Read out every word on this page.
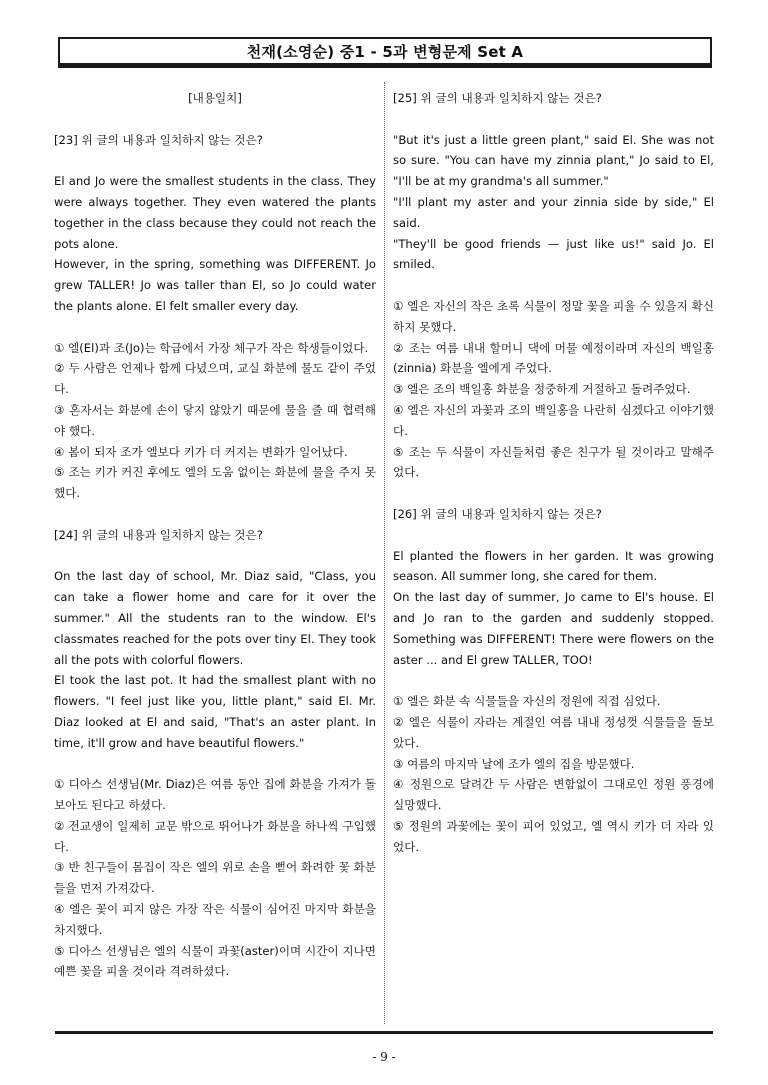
천재(소영순) 중1 - 5과 변형문제 Set A

[내용일치]

[23] 위 글의 내용과 일치하지 않는 것은?

El and Jo were the smallest students in the class. They were always together. They even watered the plants together in the class because they could not reach the pots alone.

However, in the spring, something was DIFFERENT. Jo grew TALLER! Jo was taller than El, so Jo could water the plants alone. El felt smaller every day.

① 엘(El)과 조(Jo)는 학급에서 가장 체구가 작은 학생들이었다.

② 두 사람은 언제나 함께 다녔으며, 교실 화분에 물도 같이 주었다.

③ 혼자서는 화분에 손이 닿지 않았기 때문에 물을 줄 때 협력해야 했다.

④ 봄이 되자 조가 엘보다 키가 더 커지는 변화가 일어났다.

⑤ 조는 키가 커진 후에도 엘의 도움 없이는 화분에 물을 주지 못했다.

[24] 위 글의 내용과 일치하지 않는 것은?

On the last day of school, Mr. Diaz said, "Class, you can take a flower home and care for it over the summer." All the students ran to the window. El's classmates reached for the pots over tiny El. They took all the pots with colorful flowers.

El took the last pot. It had the smallest plant with no flowers. "I feel just like you, little plant," said El. Mr. Diaz looked at El and said, "That's an aster plant. In time, it'll grow and have beautiful flowers."

① 디아스 선생님(Mr. Diaz)은 여름 동안 집에 화분을 가져가 돌보아도 된다고 하셨다.

② 전교생이 일제히 교문 밖으로 뛰어나가 화분을 하나씩 구입했다.

③ 반 친구들이 몸집이 작은 엘의 위로 손을 뻗어 화려한 꽃 화분들을 먼저 가져갔다.

④ 엘은 꽃이 피지 않은 가장 작은 식물이 심어진 마지막 화분을 차지했다.

⑤ 디아스 선생님은 엘의 식물이 과꽃(aster)이며 시간이 지나면 예쁜 꽃을 피울 것이라 격려하셨다.

[25] 위 글의 내용과 일치하지 않는 것은?

"But it's just a little green plant," said El. She was not so sure. "You can have my zinnia plant," Jo said to El, "I'll be at my grandma's all summer."

"I'll plant my aster and your zinnia side by side," El said.

"They'll be good friends — just like us!" said Jo. El smiled.

① 엘은 자신의 작은 초록 식물이 정말 꽃을 피울 수 있을지 확신하지 못했다.

② 조는 여름 내내 할머니 댁에 머물 예정이라며 자신의 백일홍(zinnia) 화분을 엘에게 주었다.

③ 엘은 조의 백일홍 화분을 정중하게 거절하고 돌려주었다.

④ 엘은 자신의 과꽃과 조의 백일홍을 나란히 심겠다고 이야기했다.

⑤ 조는 두 식물이 자신들처럼 좋은 친구가 될 것이라고 말해주었다.

[26] 위 글의 내용과 일치하지 않는 것은?

El planted the flowers in her garden. It was growing season. All summer long, she cared for them.

On the last day of summer, Jo came to El's house. El and Jo ran to the garden and suddenly stopped. Something was DIFFERENT! There were flowers on the aster ... and El grew TALLER, TOO!

① 엘은 화분 속 식물들을 자신의 정원에 직접 심었다.

② 엘은 식물이 자라는 계절인 여름 내내 정성껏 식물들을 돌보았다.

③ 여름의 마지막 날에 조가 엘의 집을 방문했다.

④ 정원으로 달려간 두 사람은 변함없이 그대로인 정원 풍경에 실망했다.

⑤ 정원의 과꽃에는 꽃이 피어 있었고, 엘 역시 키가 더 자라 있었다.

- 9 -
